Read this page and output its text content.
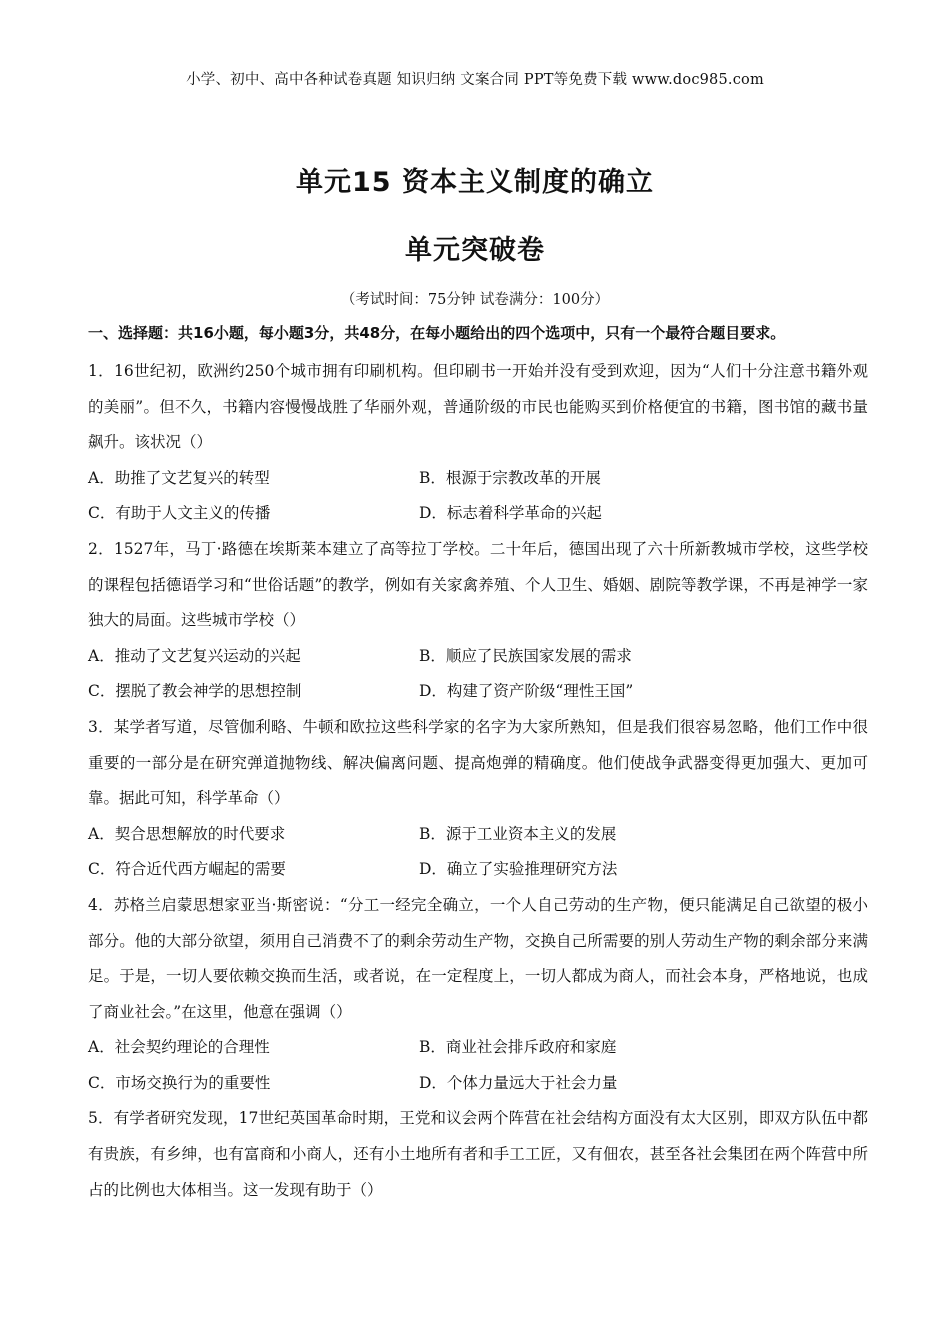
小学、初中、高中各种试卷真题 知识归纳 文案合同 PPT等免费下载 www.doc985.com
单元15 资本主义制度的确立
单元突破卷
（考试时间：75分钟 试卷满分：100分）
一、选择题：共16小题，每小题3分，共48分，在每小题给出的四个选项中，只有一个最符合题目要求。
1．16世纪初，欧洲约250个城市拥有印刷机构。但印刷书一开始并没有受到欢迎，因为“人们十分注意书籍外观的美丽”。但不久，书籍内容慢慢战胜了华丽外观，普通阶级的市民也能购买到价格便宜的书籍，图书馆的藏书量飙升。该状况（）
A．助推了文艺复兴的转型	B．根源于宗教改革的开展
C．有助于人文主义的传播	D．标志着科学革命的兴起
2．1527年，马丁·路德在埃斯莱本建立了高等拉丁学校。二十年后，德国出现了六十所新教城市学校，这些学校的课程包括德语学习和“世俗话题”的教学，例如有关家禽养殖、个人卫生、婚姻、剧院等教学课，不再是神学一家独大的局面。这些城市学校（）
A．推动了文艺复兴运动的兴起	B．顺应了民族国家发展的需求
C．摆脱了教会神学的思想控制	D．构建了资产阶级“理性王国”
3．某学者写道，尽管伽利略、牛顿和欧拉这些科学家的名字为大家所熟知，但是我们很容易忽略，他们工作中很重要的一部分是在研究弹道抛物线、解决偏离问题、提高炮弹的精确度。他们使战争武器变得更加强大、更加可靠。据此可知，科学革命（）
A．契合思想解放的时代要求	B．源于工业资本主义的发展
C．符合近代西方崛起的需要	D．确立了实验推理研究方法
4．苏格兰启蒙思想家亚当·斯密说：“分工一经完全确立，一个人自己劳动的生产物，便只能满足自己欲望的极小部分。他的大部分欲望，须用自己消费不了的剩余劳动生产物，交换自己所需要的别人劳动生产物的剩余部分来满足。于是，一切人要依赖交换而生活，或者说，在一定程度上，一切人都成为商人，而社会本身，严格地说，也成了商业社会。”在这里，他意在强调（）
A．社会契约理论的合理性	B．商业社会排斥政府和家庭
C．市场交换行为的重要性	D．个体力量远大于社会力量
5．有学者研究发现，17世纪英国革命时期，王党和议会两个阵营在社会结构方面没有太大区别，即双方队伍中都有贵族，有乡绅，也有富商和小商人，还有小土地所有者和手工工匠，又有佃农，甚至各社会集团在两个阵营中所占的比例也大体相当。这一发现有助于（）
